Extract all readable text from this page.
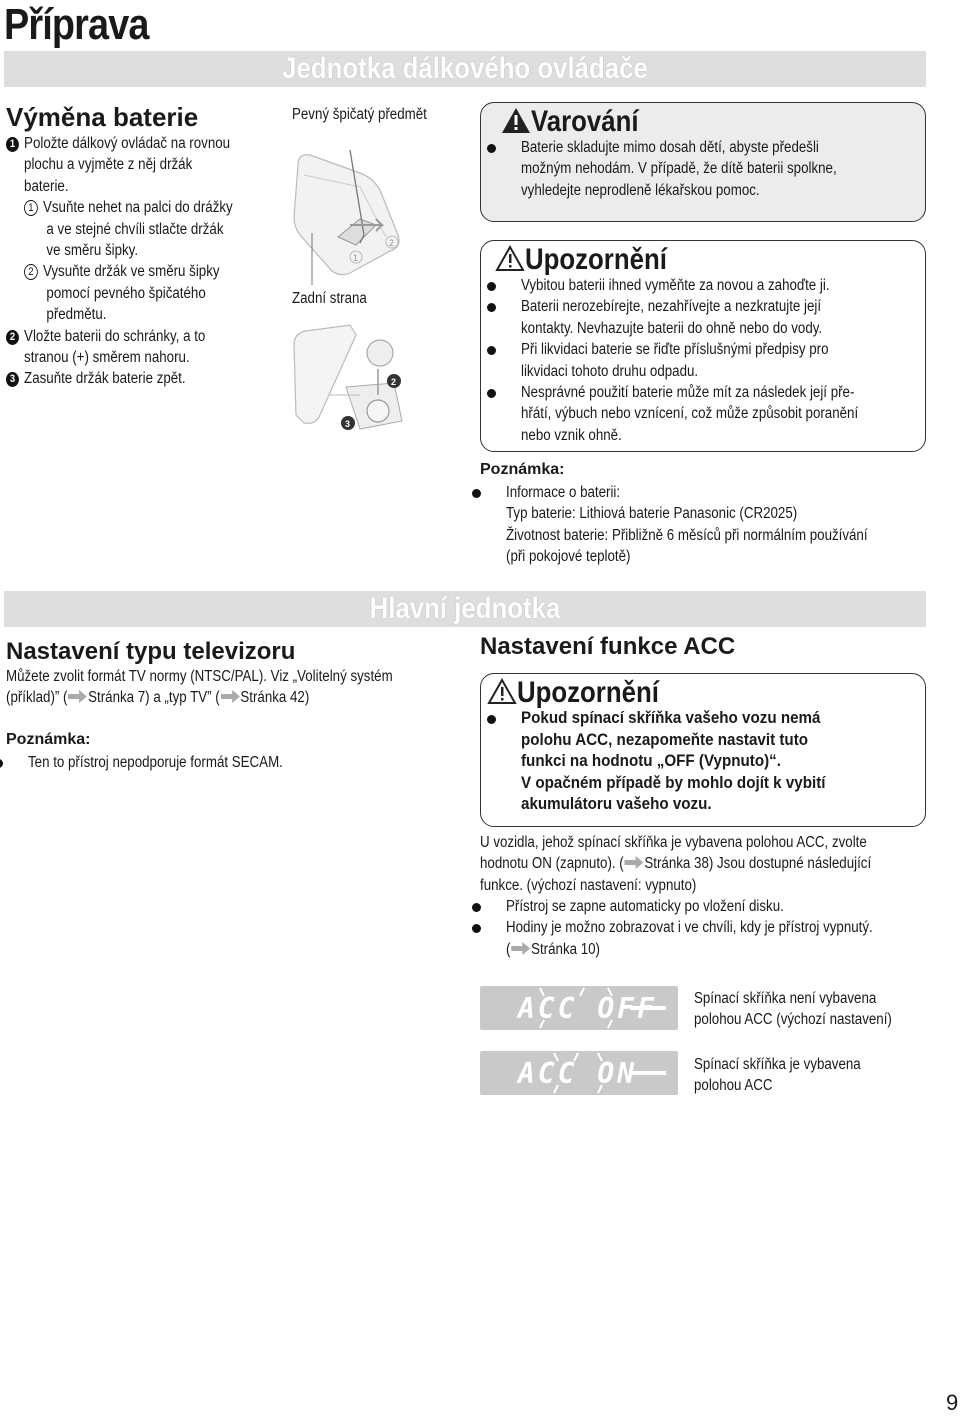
Příprava
Jednotka dálkového ovládače
Výměna baterie
1 Položte dálkový ovládač na rovnou
plochu a vyjměte z něj držák
baterie.
1 Vsuňte nehet na palci do drážky
a ve stejné chvíli stlačte držák
ve směru šipky.
2 Vysuňte držák ve směru šipky
pomocí pevného špičatého
předmětu.
2 Vložte baterii do schránky, a to
stranou (+) směrem nahoru.
3 Zasuňte držák baterie zpět.
Pevný špičatý předmět
Zadní strana
1
2
2
3
Varování
Baterie skladujte mimo dosah dětí, abyste předešli
možným nehodám. V případě, že dítě baterii spolkne,
vyhledejte neprodleně lékařskou pomoc.
Upozornění
Vybitou baterii ihned vyměňte za novou a zahoďte ji.
Baterii nerozebírejte, nezahřívejte a nezkratujte její
kontakty. Nevhazujte baterii do ohně nebo do vody.
Při likvidaci baterie se řiďte příslušnými předpisy pro
likvidaci tohoto druhu odpadu.
Nesprávné použití baterie může mít za následek její pře-
hřátí, výbuch nebo vznícení, což může způsobit poranění
nebo vznik ohně.
Poznámka:
Informace o baterii:
Typ baterie: Lithiová baterie Panasonic (CR2025)
Životnost baterie: Přibližně 6 měsíců při normálním používání
(při pokojové teplotě)
Hlavní jednotka
Nastavení typu televizoru
Můžete zvolit formát TV normy (NTSC/PAL). Viz „Volitelný systém
(příklad)” ( Stránka 7) a „typ TV” ( Stránka 42)
Poznámka:
Ten to přístroj nepodporuje formát SECAM.
Nastavení funkce ACC
Upozornění
Pokud spínací skříňka vašeho vozu nemá
polohu ACC, nezapomeňte nastavit tuto
funkci na hodnotu „OFF (Vypnuto)“.
V opačném případě by mohlo dojít k vybití
akumulátoru vašeho vozu.
U vozidla, jehož spínací skříňka je vybavena polohou ACC, zvolte
hodnotu ON (zapnuto). ( Stránka 38) Jsou dostupné následující
funkce. (výchozí nastavení: vypnuto)
Přístroj se zapne automaticky po vložení disku.
Hodiny je možno zobrazovat i ve chvíli, kdy je přístroj vypnutý.
( Stránka 10)
ACC OFF Spínací skříňka není vybavena
polohou ACC (výchozí nastavení)
ACC ON	Spínací skříňka je vybavena
polohou ACC
9
